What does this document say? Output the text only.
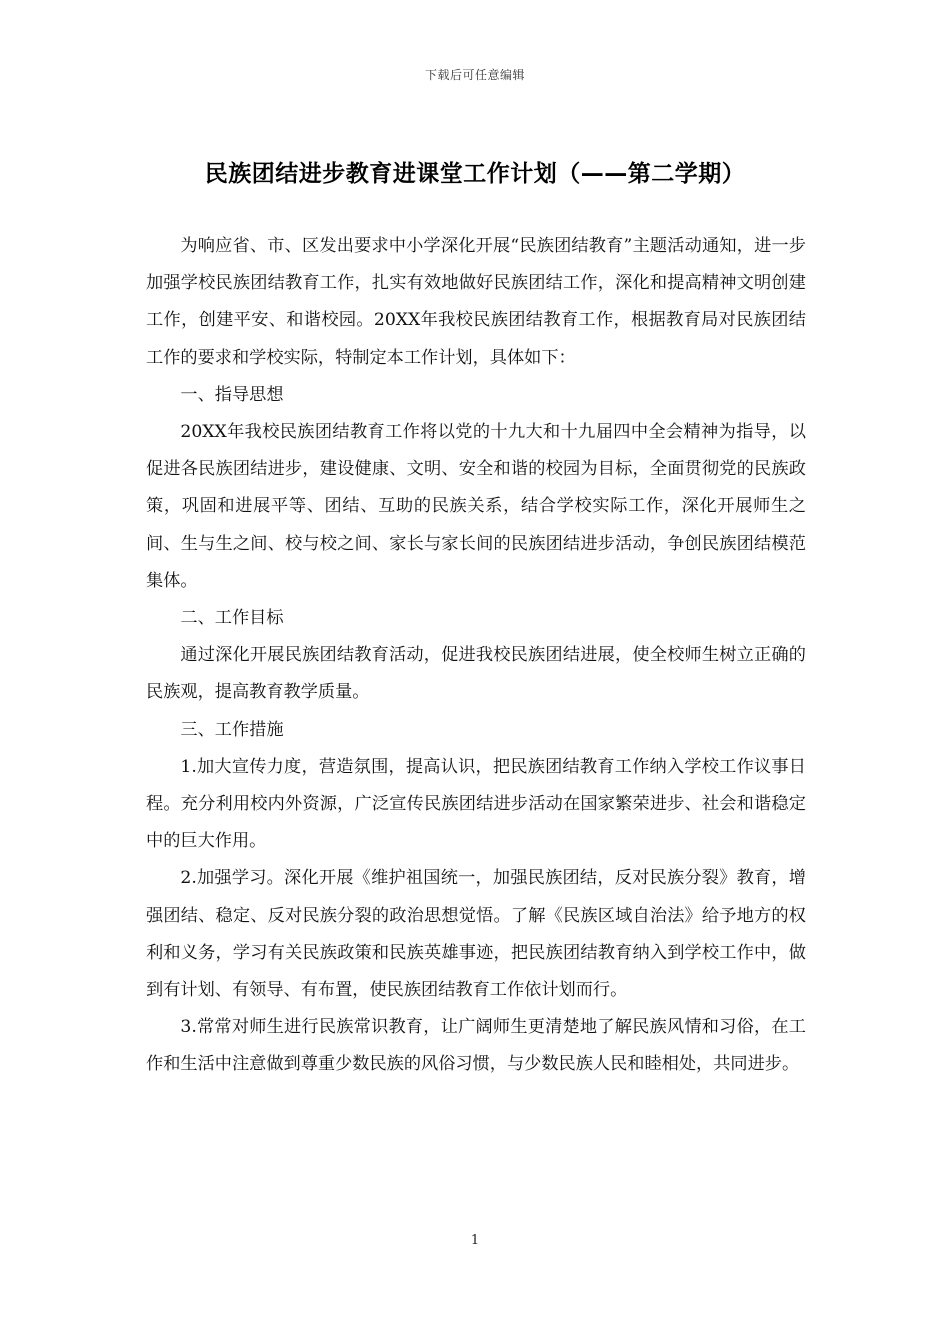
下载后可任意编辑
民族团结进步教育进课堂工作计划（——第二学期）

为响应省、市、区发出要求中小学深化开展“民族团结教育”主题活动通知，进一步加强学校民族团结教育工作，扎实有效地做好民族团结工作，深化和提高精神文明创建工作，创建平安、和谐校园。20XX年我校民族团结教育工作，根据教育局对民族团结工作的要求和学校实际，特制定本工作计划，具体如下：

一、指导思想

20XX年我校民族团结教育工作将以党的十九大和十九届四中全会精神为指导，以促进各民族团结进步，建设健康、文明、安全和谐的校园为目标，全面贯彻党的民族政策，巩固和进展平等、团结、互助的民族关系，结合学校实际工作，深化开展师生之间、生与生之间、校与校之间、家长与家长间的民族团结进步活动，争创民族团结模范集体。

二、工作目标

通过深化开展民族团结教育活动，促进我校民族团结进展，使全校师生树立正确的民族观，提高教育教学质量。

三、工作措施

1.加大宣传力度，营造氛围，提高认识，把民族团结教育工作纳入学校工作议事日程。充分利用校内外资源，广泛宣传民族团结进步活动在国家繁荣进步、社会和谐稳定中的巨大作用。

2.加强学习。深化开展《维护祖国统一，加强民族团结，反对民族分裂》教育，增强团结、稳定、反对民族分裂的政治思想觉悟。了解《民族区域自治法》给予地方的权利和义务，学习有关民族政策和民族英雄事迹，把民族团结教育纳入到学校工作中，做到有计划、有领导、有布置，使民族团结教育工作依计划而行。

3.常常对师生进行民族常识教育，让广阔师生更清楚地了解民族风情和习俗，在工作和生活中注意做到尊重少数民族的风俗习惯，与少数民族人民和睦相处，共同进步。

1
